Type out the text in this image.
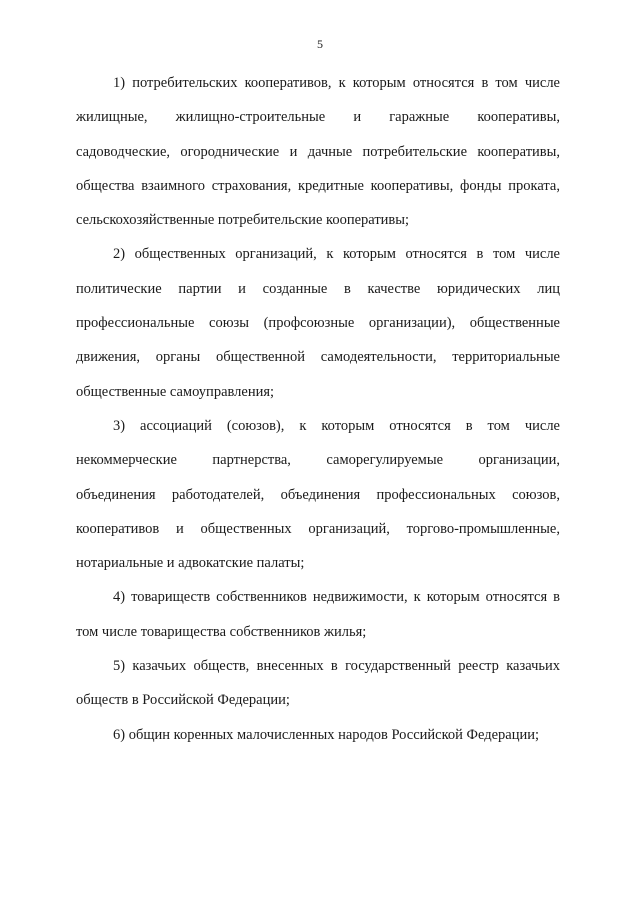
5

1) потребительских кооперативов, к которым относятся в том числе
жилищные, жилищно-строительные и гаражные кооперативы,
садоводческие, огороднические и дачные потребительские кооперативы,
общества взаимного страхования, кредитные кооперативы, фонды проката,
сельскохозяйственные потребительские кооперативы;

2) общественных организаций, к которым относятся в том числе
политические партии и созданные в качестве юридических лиц
профессиональные союзы (профсоюзные организации), общественные
движения, органы общественной самодеятельности, территориальные
общественные самоуправления;

3) ассоциаций (союзов), к которым относятся в том числе
некоммерческие партнерства, саморегулируемые организации,
объединения работодателей, объединения профессиональных союзов,
кооперативов и общественных организаций, торгово-промышленные,
нотариальные и адвокатские палаты;

4) товариществ собственников недвижимости, к которым относятся в
том числе товарищества собственников жилья;

5) казачьих обществ, внесенных в государственный реестр казачьих
обществ в Российской Федерации;

6) общин коренных малочисленных народов Российской Федерации;
